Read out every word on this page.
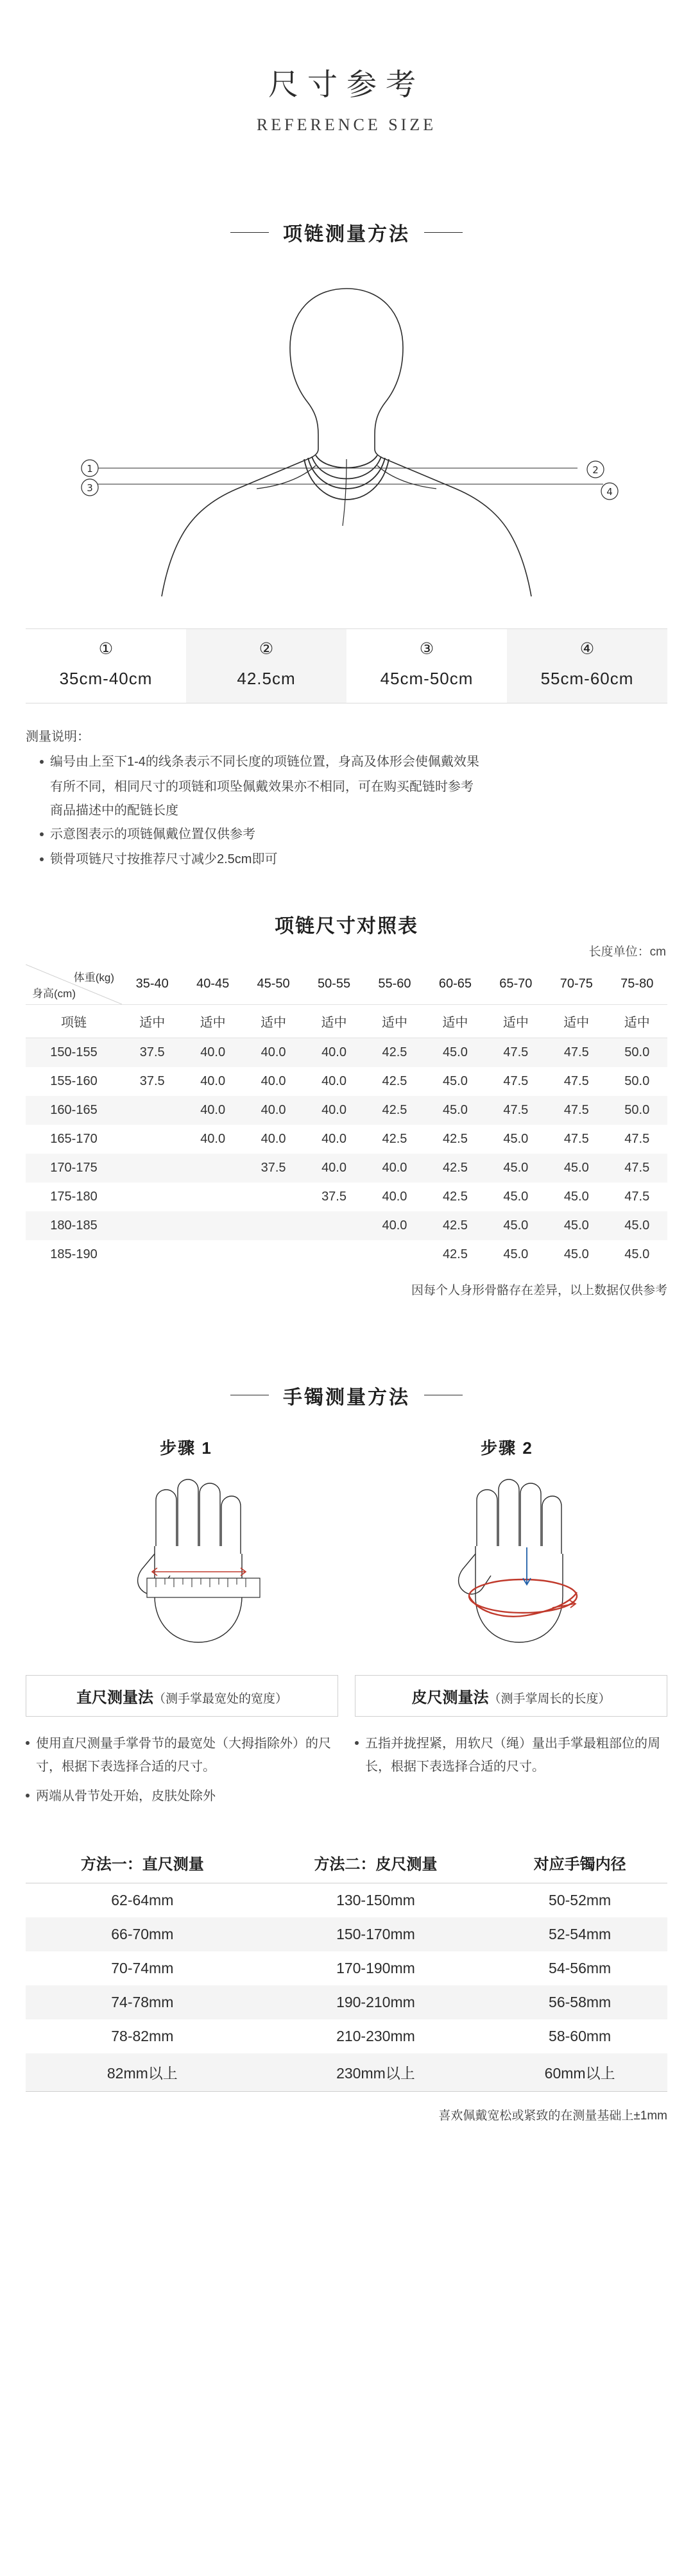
尺寸参考
REFERENCE SIZE
项链测量方法
1
3
2
4
①
35cm-40cm
②
42.5cm
③
45cm-50cm
④
55cm-60cm
测量说明：
编号由上至下1-4的线条表示不同长度的项链位置，身高及体形会使佩戴效果
有所不同，相同尺寸的项链和项坠佩戴效果亦不相同，可在购买配链时参考
商品描述中的配链长度
示意图表示的项链佩戴位置仅供参考
锁骨项链尺寸按推荐尺寸减少2.5cm即可
项链尺寸对照表
长度单位：cm
体重(kg)
身高(cm)	35-40	40-45	45-50	50-55	55-60	60-65	65-70	70-75	75-80
项链	适中	适中	适中	适中	适中	适中	适中	适中	适中
150-155	37.5	40.0	40.0	40.0	42.5	45.0	47.5	47.5	50.0
155-160	37.5	40.0	40.0	40.0	42.5	45.0	47.5	47.5	50.0
160-165		40.0	40.0	40.0	42.5	45.0	47.5	47.5	50.0
165-170		40.0	40.0	40.0	42.5	42.5	45.0	47.5	47.5
170-175			37.5	40.0	40.0	42.5	45.0	45.0	47.5
175-180				37.5	40.0	42.5	45.0	45.0	47.5
180-185					40.0	42.5	45.0	45.0	45.0
185-190						42.5	45.0	45.0	45.0
因每个人身形骨骼存在差异，以上数据仅供参考
手镯测量方法
步骤 1	步骤 2
直尺测量法（测手掌最宽处的宽度）	皮尺测量法（测手掌周长的长度）
使用直尺测量手掌骨节的最宽处（大拇指除外）的尺寸，根据下表选择合适的尺寸。
两端从骨节处开始，皮肤处除外
五指并拢捏紧，用软尺（绳）量出手掌最粗部位的周长，根据下表选择合适的尺寸。
方法一：直尺测量	方法二：皮尺测量	对应手镯内径
62-64mm	130-150mm	50-52mm
66-70mm	150-170mm	52-54mm
70-74mm	170-190mm	54-56mm
74-78mm	190-210mm	56-58mm
78-82mm	210-230mm	58-60mm
82mm以上	230mm以上	60mm以上
喜欢佩戴宽松或紧致的在测量基础上±1mm
